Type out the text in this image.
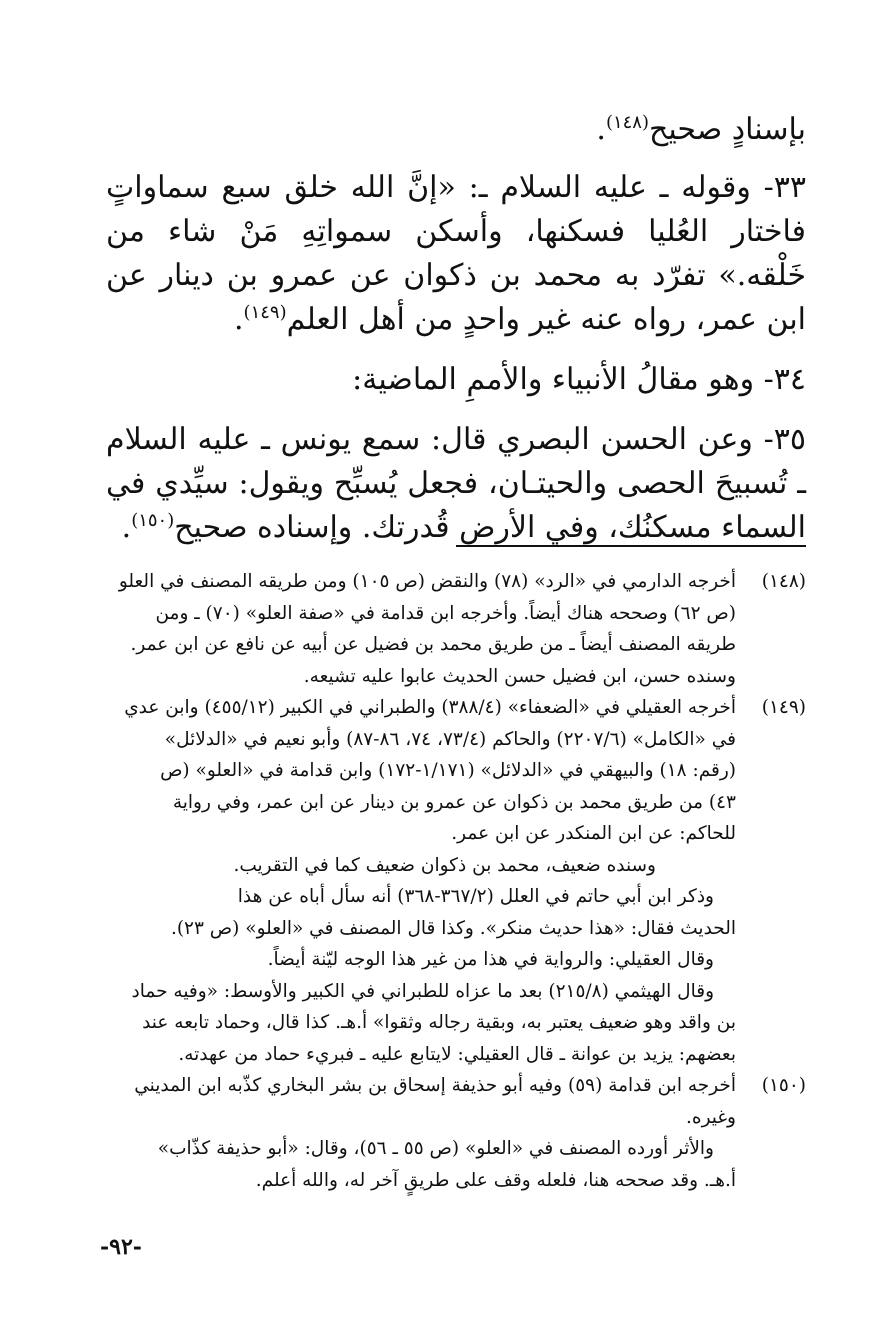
بإسنادٍ صحيح$^{(١٤٨)}$.

٣٣- وقوله ـ عليه السلام ـ: «إنَّ الله خلق سبع سماواتٍ فاختار العُليا فسكنها، وأسكن سمواتِهِ مَنْ شاء من خَلْقه.» تفرّد به محمد بن ذكوان عن عمرو بن دينار عن ابن عمر، رواه عنه غير واحدٍ من أهل العلم$^{(١٤٩)}$.

٣٤- وهو مقالُ الأنبياء والأممِ الماضية:

٣٥- وعن الحسن البصري قال: سمع يونس ـ عليه السلام ـ تُسبيحَ الحصى والحيتـان، فجعل يُسبِّح ويقول: سيِّدي في السماء مسكنُك، وفي الأرض قُدرتك. وإسناده صحيح$^{(١٥٠)}$.

(١٤٨)

أخرجه الدارمي في «الرد» (٧٨) والنقض (ص ١٠٥) ومن طريقه المصنف في العلو

(ص ٦٢) وصححه هناك أيضاً. وأخرجه ابن قدامة في «صفة العلو» (٧٠) ـ ومن

طريقه المصنف أيضاً ـ من طريق محمد بن فضيل عن أبيه عن نافع عن ابن عمر.

وسنده حسن، ابن فضيل حسن الحديث عابوا عليه تشيعه.

(١٤٩)

أخرجه العقيلي في «الضعفاء» (٣٨٨/٤) والطبراني في الكبير (٤٥٥/١٢) وابن عدي

في «الكامل» (٢٢٠٧/٦) والحاكم (٧٣/٤، ٧٤، ٨٦-٨٧) وأبو نعيم في «الدلائل»

(رقم: ١٨) والبيهقي في «الدلائل» (١/١٧١-١٧٢) وابن قدامة في «العلو» (ص

٤٣) من طريق محمد بن ذكوان عن عمرو بن دينار عن ابن عمر، وفي رواية

للحاكم: عن ابن المنكدر عن ابن عمر.

وسنده ضعيف، محمد بن ذكوان ضعيف كما في التقريب.

وذكر ابن أبي حاتم في العلل (٣٦٧/٢-٣٦٨) أنه سأل أباه عن هذا

الحديث فقال: «هذا حديث منكر». وكذا قال المصنف في «العلو» (ص ٢٣).

وقال العقيلي: والرواية في هذا من غير هذا الوجه ليّنة أيضاً.

وقال الهيثمي (٢١٥/٨) بعد ما عزاه للطبراني في الكبير والأوسط: «وفيه حماد

بن واقد وهو ضعيف يعتبر به، وبقية رجاله وثقوا» أ.هـ. كذا قال، وحماد تابعه عند

بعضهم: يزيد بن عوانة ـ قال العقيلي: لايتابع عليه ـ فبريء حماد من عهدته.

(١٥٠)

أخرجه ابن قدامة (٥٩) وفيه أبو حذيفة إسحاق بن بشر البخاري كذّبه ابن المديني

وغيره.

والأثر أورده المصنف في «العلو» (ص ٥٥ ـ ٥٦)، وقال: «أبو حذيفة كذّاب»

أ.هـ. وقد صححه هنا، فلعله وقف على طريقٍ آخر له، والله أعلم.

-٩٢-
